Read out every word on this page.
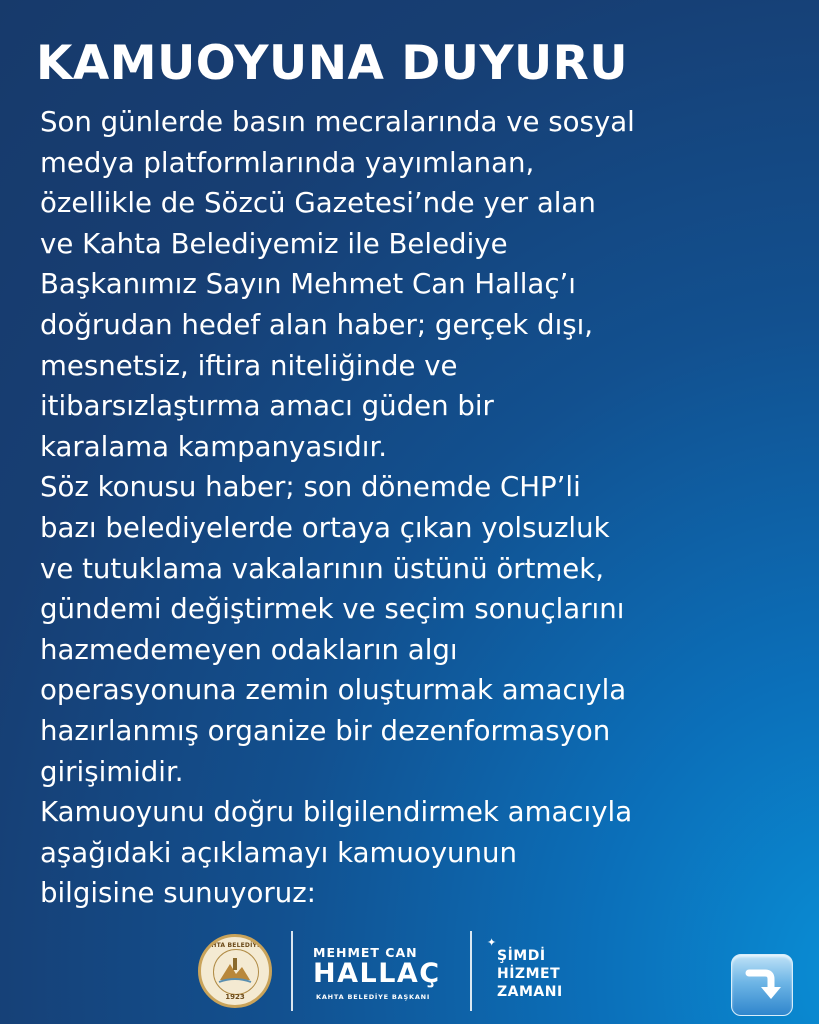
KAMUOYUNA DUYURU
Son günlerde basın mecralarında ve sosyal
medya platformlarında yayımlanan,
özellikle de Sözcü Gazetesi’nde yer alan
ve Kahta Belediyemiz ile Belediye
Başkanımız Sayın Mehmet Can Hallaç’ı
doğrudan hedef alan haber; gerçek dışı,
mesnetsiz, iftira niteliğinde ve
itibarsızlaştırma amacı güden bir
karalama kampanyasıdır.
Söz konusu haber; son dönemde CHP’li
bazı belediyelerde ortaya çıkan yolsuzluk
ve tutuklama vakalarının üstünü örtmek,
gündemi değiştirmek ve seçim sonuçlarını
hazmedemeyen odakların algı
operasyonuna zemin oluşturmak amacıyla
hazırlanmış organize bir dezenformasyon
girişimidir.
Kamuoyunu doğru bilgilendirmek amacıyla
aşağıdaki açıklamayı kamuoyunun
bilgisine sunuyoruz:
KAHTA BELEDİYESİ
1923
MEHMET CAN
HALLAÇ
KAHTA BELEDİYE BAŞKANI
✦
ŞİMDİ
HİZMET
ZAMANI
